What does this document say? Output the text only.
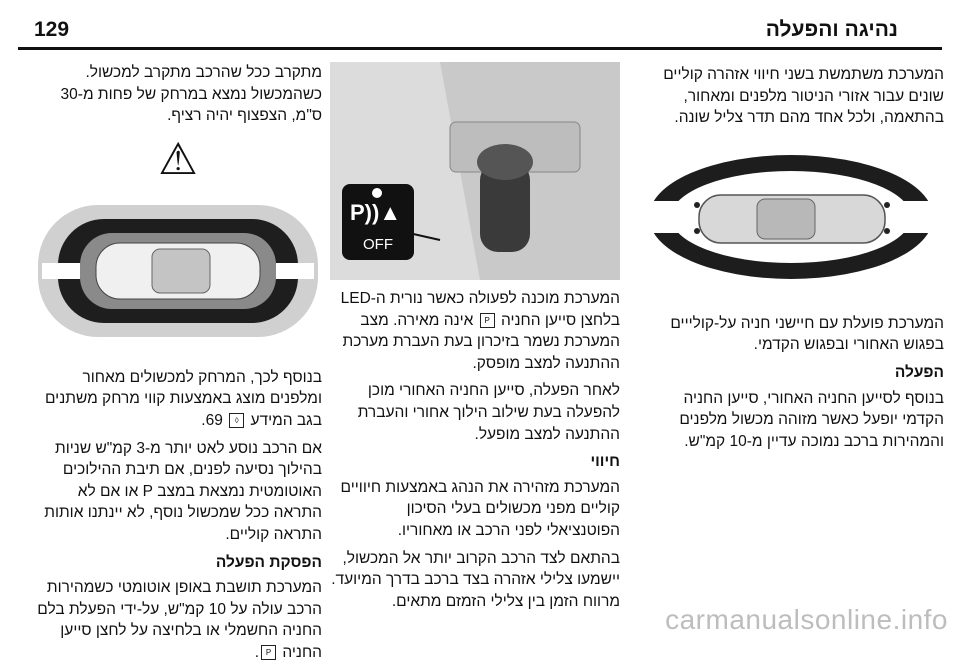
129	נהיגה והפעלה

המערכת משתמשת בשני חיווי אזהרה קוליים שונים עבור אזורי הניטור מלפנים ומאחור, בהתאמה, ולכל אחד מהם תדר צליל שונה.

המערכת פועלת עם חיישני חניה על-קולייים בפגוש האחורי ובפגוש הקדמי.

הפעלה

בנוסף לסייען החניה האחורי, סייען החניה הקדמי יופעל כאשר מזוהה מכשול מלפנים והמהירות ברכב נמוכה עדיין מ-10 קמ"ש.

P))▲
OFF

המערכת מוכנה לפעולה כאשר נורית ה-LED בלחצן סייען החניה P אינה מאירה. מצב המערכת נשמר בזיכרון בעת העברת מערכת ההתנעה למצב מופסק.

לאחר הפעלה, סייען החניה האחורי מוכן להפעלה בעת שילוב הילוך אחורי והעברת ההתנעה למצב מופעל.

חיווי

המערכת מזהירה את הנהג באמצעות חיוויים קוליים מפני מכשולים בעלי הסיכון הפוטנציאלי לפני הרכב או מאחוריו.

בהתאם לצד הרכב הקרוב יותר אל המכשול, יישמעו צלילי אזהרה בצד ברכב בדרך המיועד. מרווח הזמן בין צלילי הזמזם מתאים.

מתקרב ככל שהרכב מתקרב למכשול. כשהמכשול נמצא במרחק של פחות מ-30 ס"מ, הצפצוף יהיה רציף.

⚠

בנוסף לכך, המרחק למכשולים מאחור ומלפנים מוצג באמצעות קווי מרחק משתנים בגב המידע ◊ 69.

אם הרכב נוסע לאט יותר מ-3 קמ"ש שניות בהילוך נסיעה לפנים, אם תיבת ההילוכים האוטומטית נמצאת במצב P או אם לא התראה ככל שמכשול נוסף, לא יינתנו אותות התראה קוליים.

הפסקת הפעלה

המערכת תושבת באופן אוטומטי כשמהירות הרכב עולה על 10 קמ"ש, על-ידי הפעלת בלם החניה החשמלי או בלחיצה על לחצן סייען החניה P.

carmanualsonline.info
